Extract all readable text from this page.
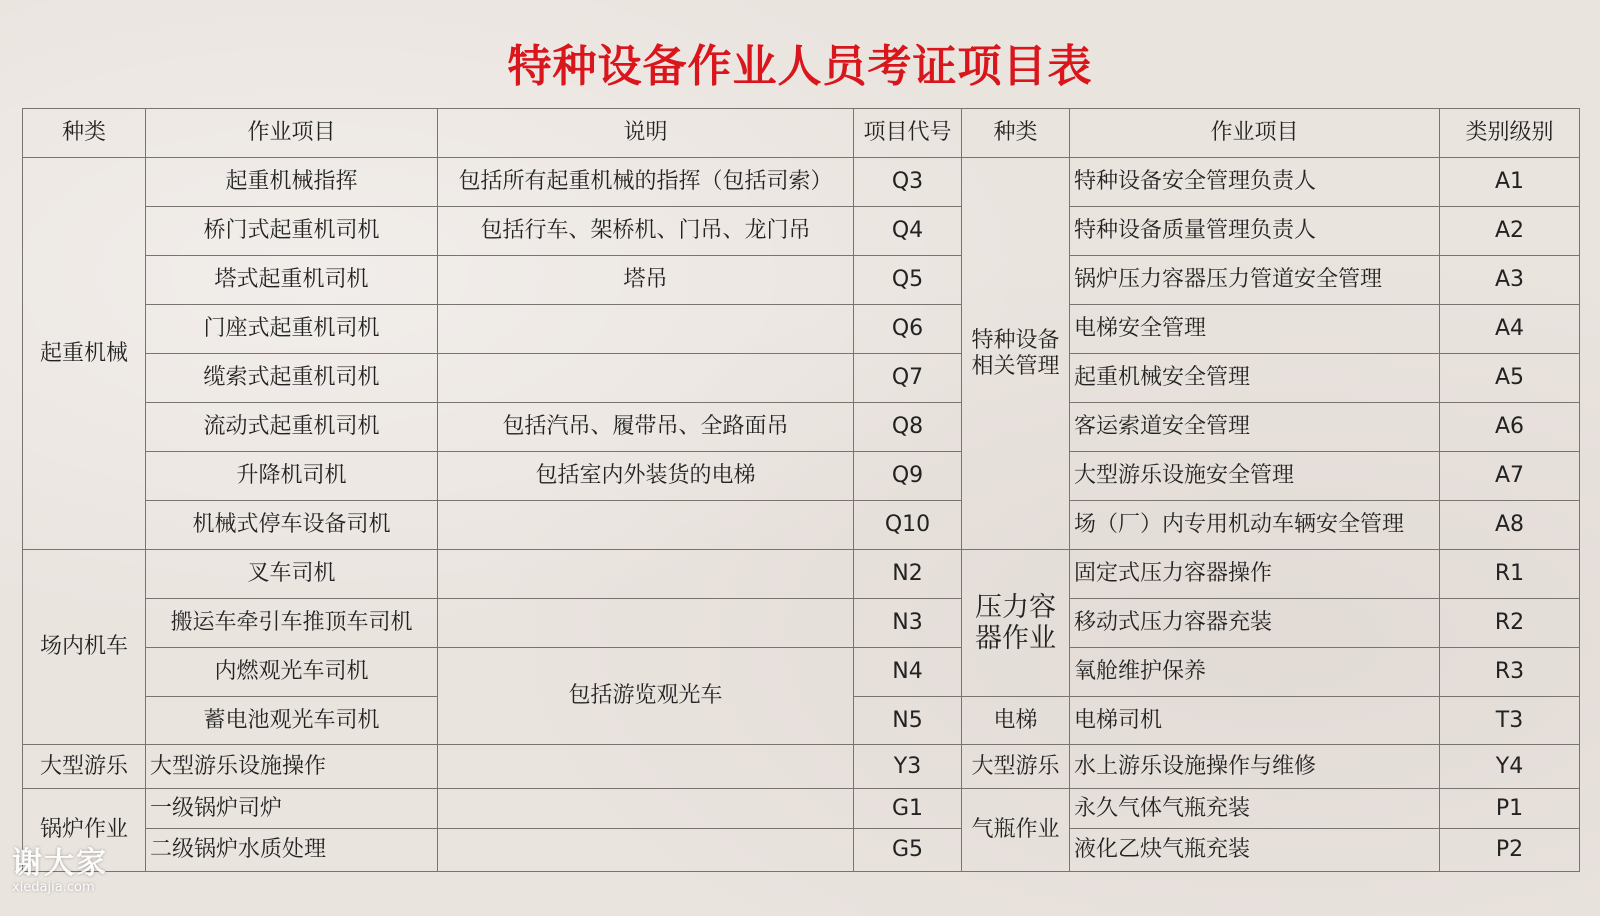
特种设备作业人员考证项目表
种类	作业项目	说明	项目代号	种类	作业项目	类别级别
起重机械	起重机械指挥	包括所有起重机械的指挥（包括司索）	Q3	特种设备相关管理	特种设备安全管理负责人	A1
	桥门式起重机司机	包括行车、架桥机、门吊、龙门吊	Q4		特种设备质量管理负责人	A2
	塔式起重机司机	塔吊	Q5		锅炉压力容器压力管道安全管理	A3
	门座式起重机司机		Q6		电梯安全管理	A4
	缆索式起重机司机		Q7		起重机械安全管理	A5
	流动式起重机司机	包括汽吊、履带吊、全路面吊	Q8		客运索道安全管理	A6
	升降机司机	包括室内外装货的电梯	Q9		大型游乐设施安全管理	A7
	机械式停车设备司机		Q10		场（厂）内专用机动车辆安全管理	A8
场内机车	叉车司机		N2	压力容器作业	固定式压力容器操作	R1
	搬运车牵引车推顶车司机		N3		移动式压力容器充装	R2
	内燃观光车司机	包括游览观光车	N4		氧舱维护保养	R3
	蓄电池观光车司机		N5	电梯	电梯司机	T3
大型游乐	大型游乐设施操作		Y3	大型游乐	水上游乐设施操作与维修	Y4
锅炉作业	一级锅炉司炉		G1	气瓶作业	永久气体气瓶充装	P1
	二级锅炉水质处理		G5		液化乙炔气瓶充装	P2
谢大家
xiedajia.com
